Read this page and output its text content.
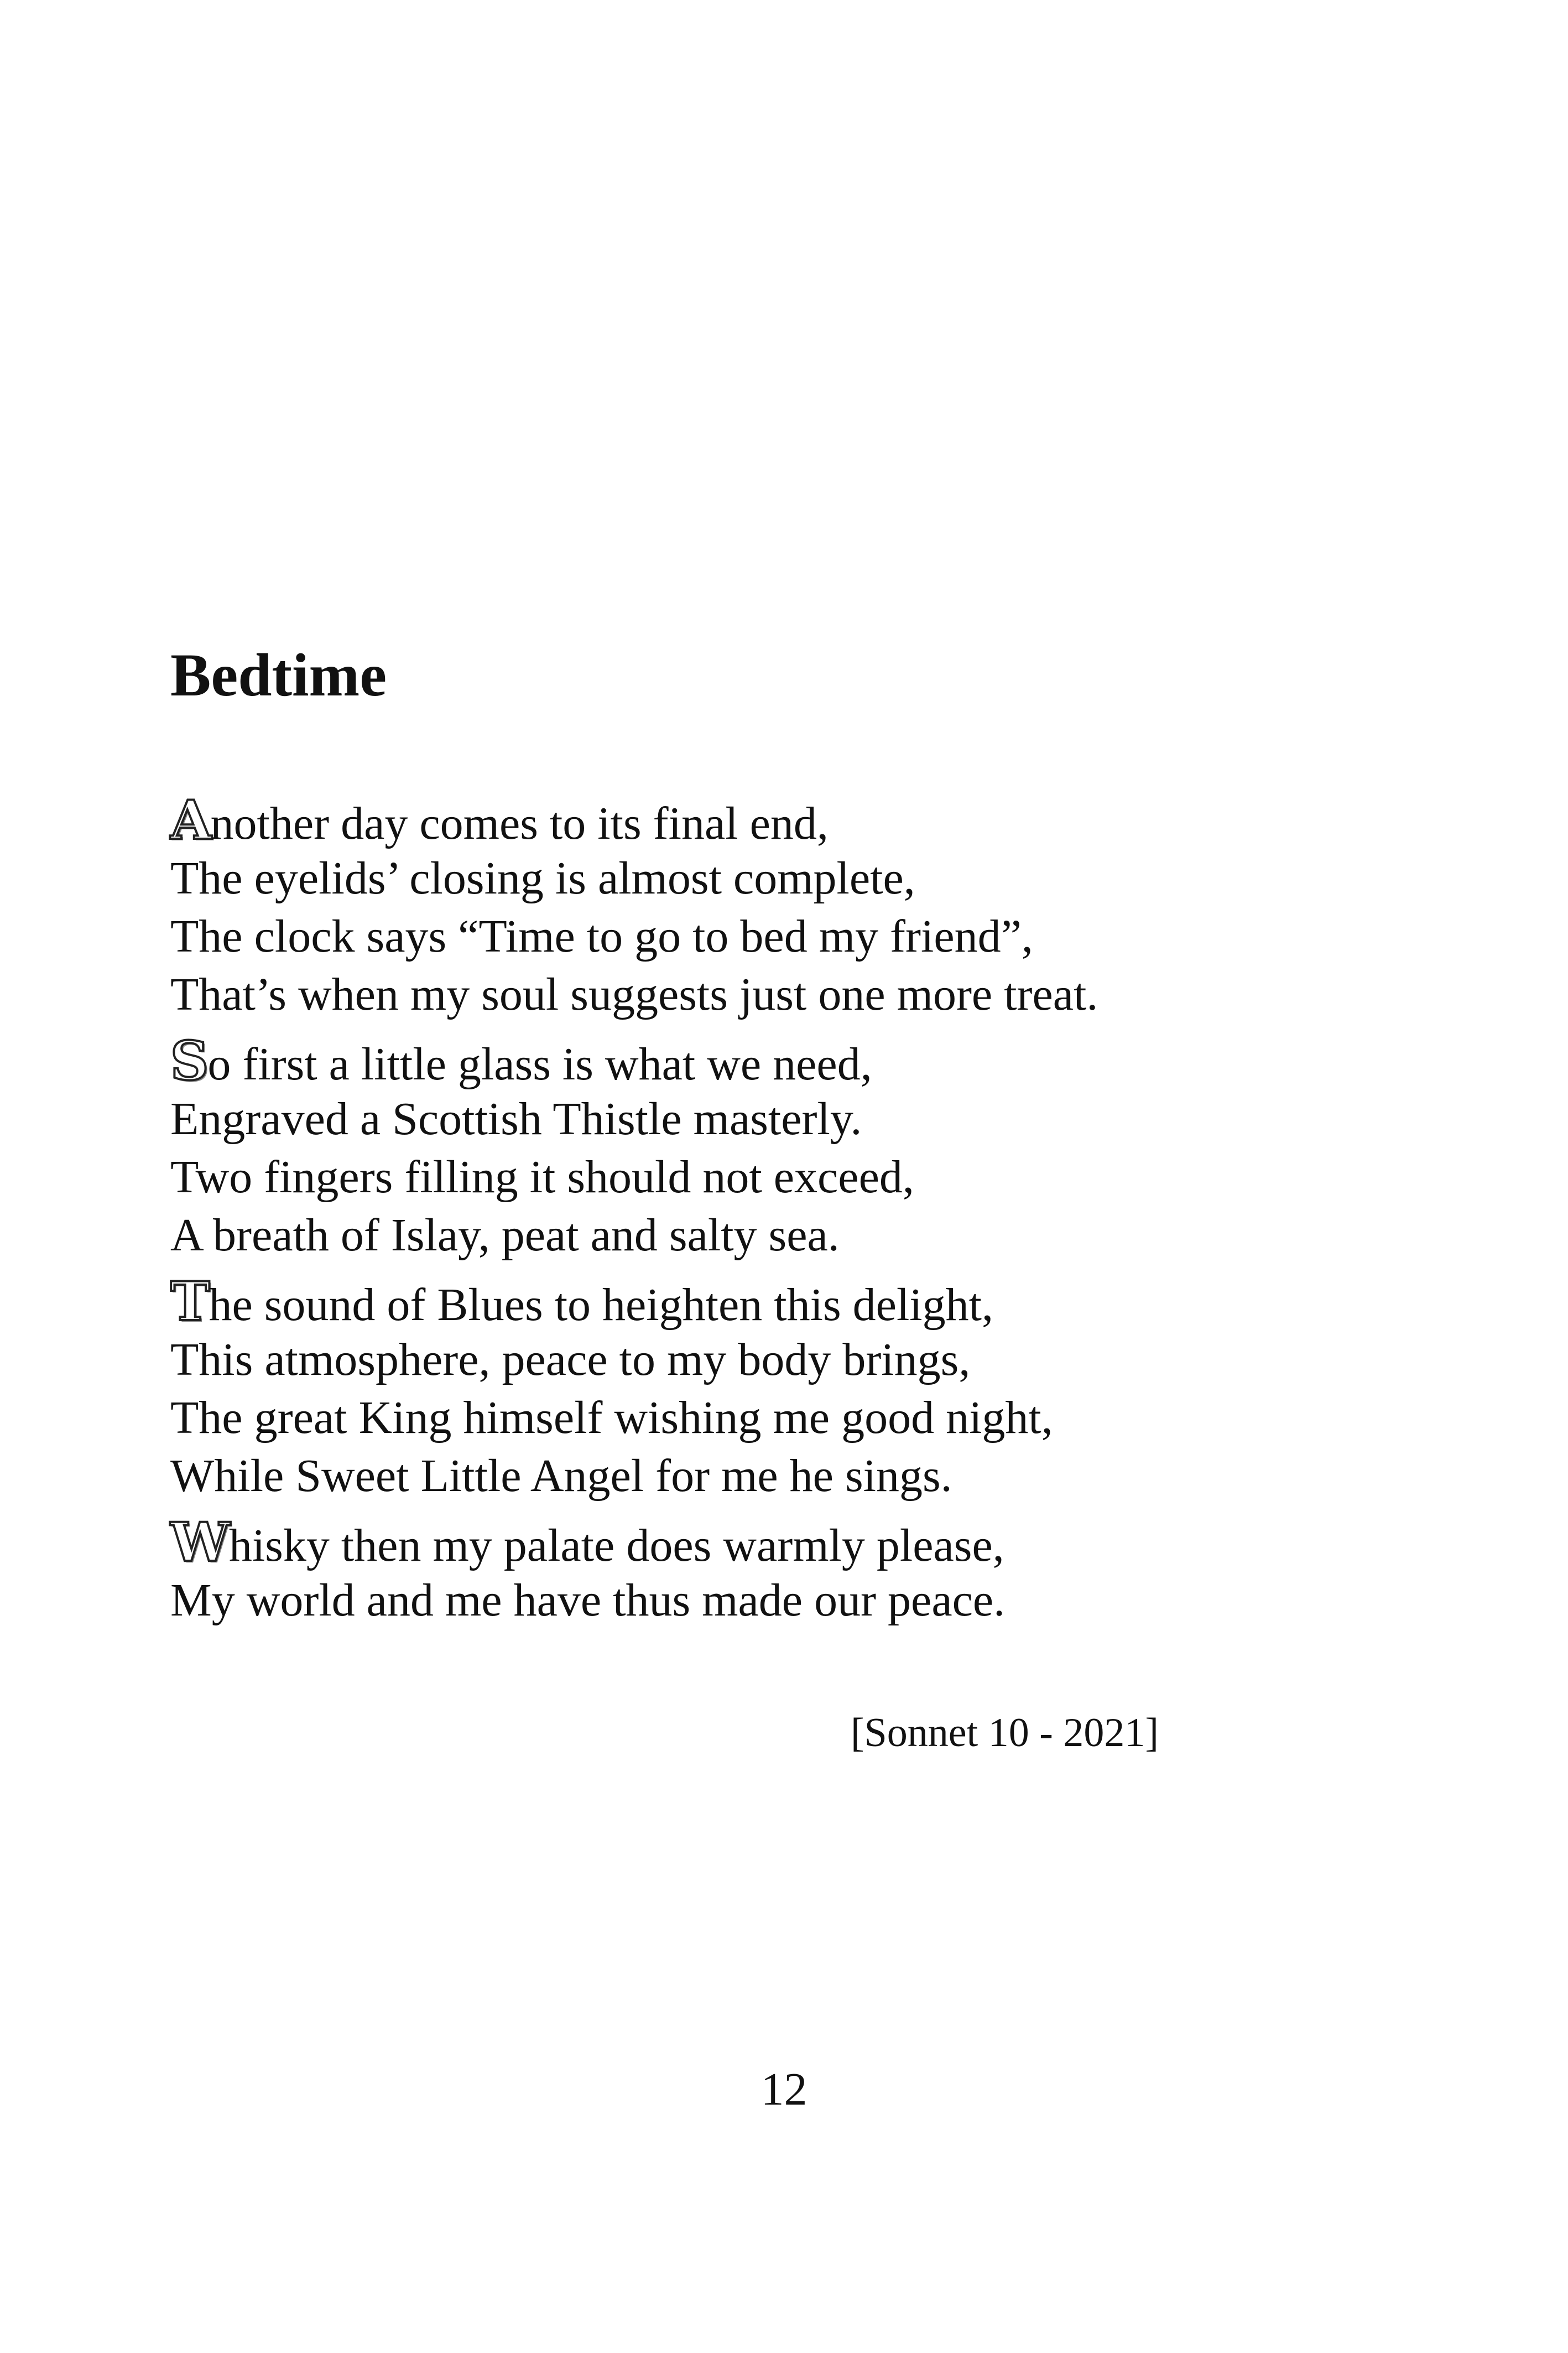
Bedtime
Another day comes to its final end,
The eyelids’ closing is almost complete,
The clock says “Time to go to bed my friend”,
That’s when my soul suggests just one more treat.
So first a little glass is what we need,
Engraved a Scottish Thistle masterly.
Two fingers filling it should not exceed,
A breath of Islay, peat and salty sea.
The sound of Blues to heighten this delight,
This atmosphere, peace to my body brings,
The great King himself wishing me good night,
While Sweet Little Angel for me he sings.
Whisky then my palate does warmly please,
My world and me have thus made our peace.
[Sonnet 10 - 2021]
12
